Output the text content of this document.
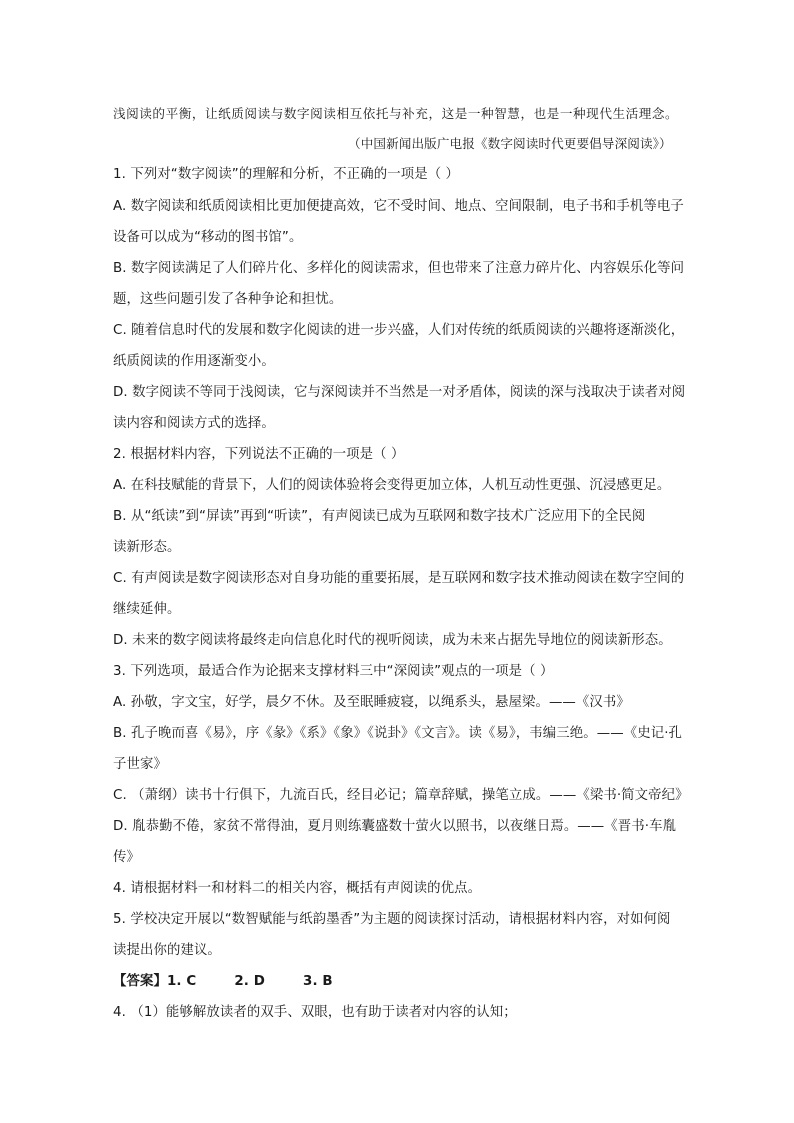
浅阅读的平衡，让纸质阅读与数字阅读相互依托与补充，这是一种智慧，也是一种现代生活理念。
（中国新闻出版广电报《数字阅读时代更要倡导深阅读》）
1. 下列对“数字阅读”的理解和分析，不正确的一项是（ ）
A. 数字阅读和纸质阅读相比更加便捷高效，它不受时间、地点、空间限制，电子书和手机等电子
设备可以成为“移动的图书馆”。
B. 数字阅读满足了人们碎片化、多样化的阅读需求，但也带来了注意力碎片化、内容娱乐化等问
题，这些问题引发了各种争论和担忧。
C. 随着信息时代的发展和数字化阅读的进一步兴盛，人们对传统的纸质阅读的兴趣将逐渐淡化，
纸质阅读的作用逐渐变小。
D. 数字阅读不等同于浅阅读，它与深阅读并不当然是一对矛盾体，阅读的深与浅取决于读者对阅
读内容和阅读方式的选择。
2. 根据材料内容，下列说法不正确的一项是（ ）
A. 在科技赋能的背景下，人们的阅读体验将会变得更加立体，人机互动性更强、沉浸感更足。
B. 从“纸读”到“屏读”再到“听读”，有声阅读已成为互联网和数字技术广泛应用下的全民阅
读新形态。
C. 有声阅读是数字阅读形态对自身功能的重要拓展，是互联网和数字技术推动阅读在数字空间的
继续延伸。
D. 未来的数字阅读将最终走向信息化时代的视听阅读，成为未来占据先导地位的阅读新形态。
3. 下列选项，最适合作为论据来支撑材料三中“深阅读”观点的一项是（ ）
A. 孙敬，字文宝，好学，晨夕不休。及至眠睡疲寝，以绳系头，悬屋梁。——《汉书》
B. 孔子晚而喜《易》，序《彖》《系》《象》《说卦》《文言》。读《易》，韦编三绝。——《史记·孔
子世家》
C. （萧纲）读书十行俱下，九流百氏，经目必记；篇章辞赋，操笔立成。——《梁书·简文帝纪》
D. 胤恭勤不倦，家贫不常得油，夏月则练囊盛数十萤火以照书，以夜继日焉。——《晋书·车胤
传》
4. 请根据材料一和材料二的相关内容，概括有声阅读的优点。
5. 学校决定开展以“数智赋能与纸韵墨香”为主题的阅读探讨活动，请根据材料内容，对如何阅
读提出你的建议。
【答案】1. C        2. D        3. B
4. （1）能够解放读者的双手、双眼，也有助于读者对内容的认知；
